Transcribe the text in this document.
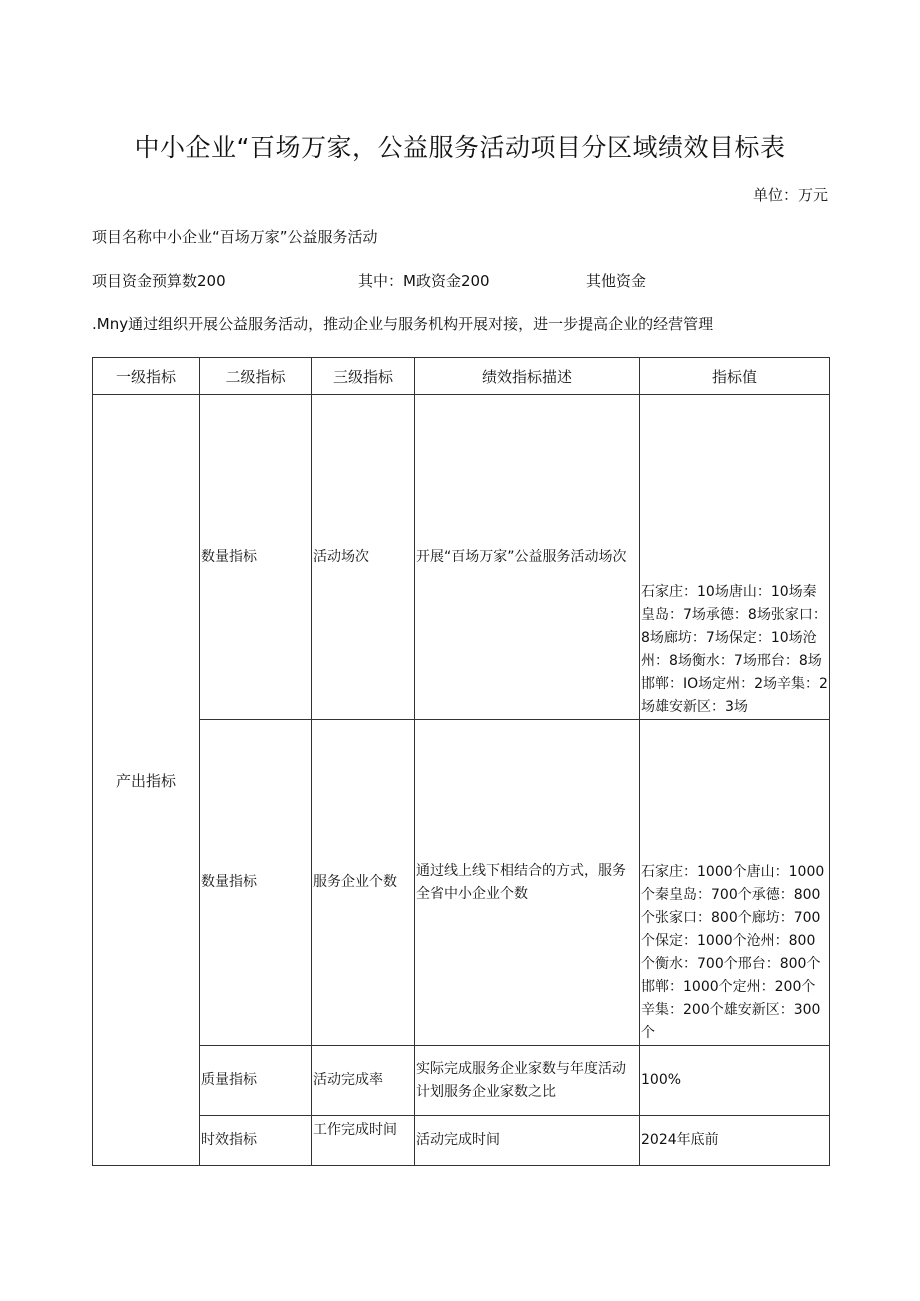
中小企业“百场万家，公益服务活动项目分区域绩效目标表
单位：万元
项目名称中小企业“百场万家”公益服务活动
项目资金预算数200	其中：M政资金200	其他资金
.Mny通过组织开展公益服务活动，推动企业与服务机构开展对接，进一步提高企业的经营管理
一级指标	二级指标	三级指标	绩效指标描述	指标值
产出指标	数量指标	活动场次	开展“百场万家”公益服务活动场次	石家庄：10场唐山：10场秦皇岛：7场承德：8场张家口：8场廊坊：7场保定：10场沧州：8场衡水：7场邢台：8场邯郸：IO场定州：2场辛集：2场雄安新区：3场
	数量指标	服务企业个数	通过线上线下相结合的方式，服务全省中小企业个数	石家庄：1000个唐山：1000个秦皇岛：700个承德：800个张家口：800个廊坊：700个保定：1000个沧州：800个衡水：700个邢台：800个邯郸：1000个定州：200个辛集：200个雄安新区：300个
	质量指标	活动完成率	实际完成服务企业家数与年度活动计划服务企业家数之比	100%
	时效指标	工作完成时间	活动完成时间	2024年底前
